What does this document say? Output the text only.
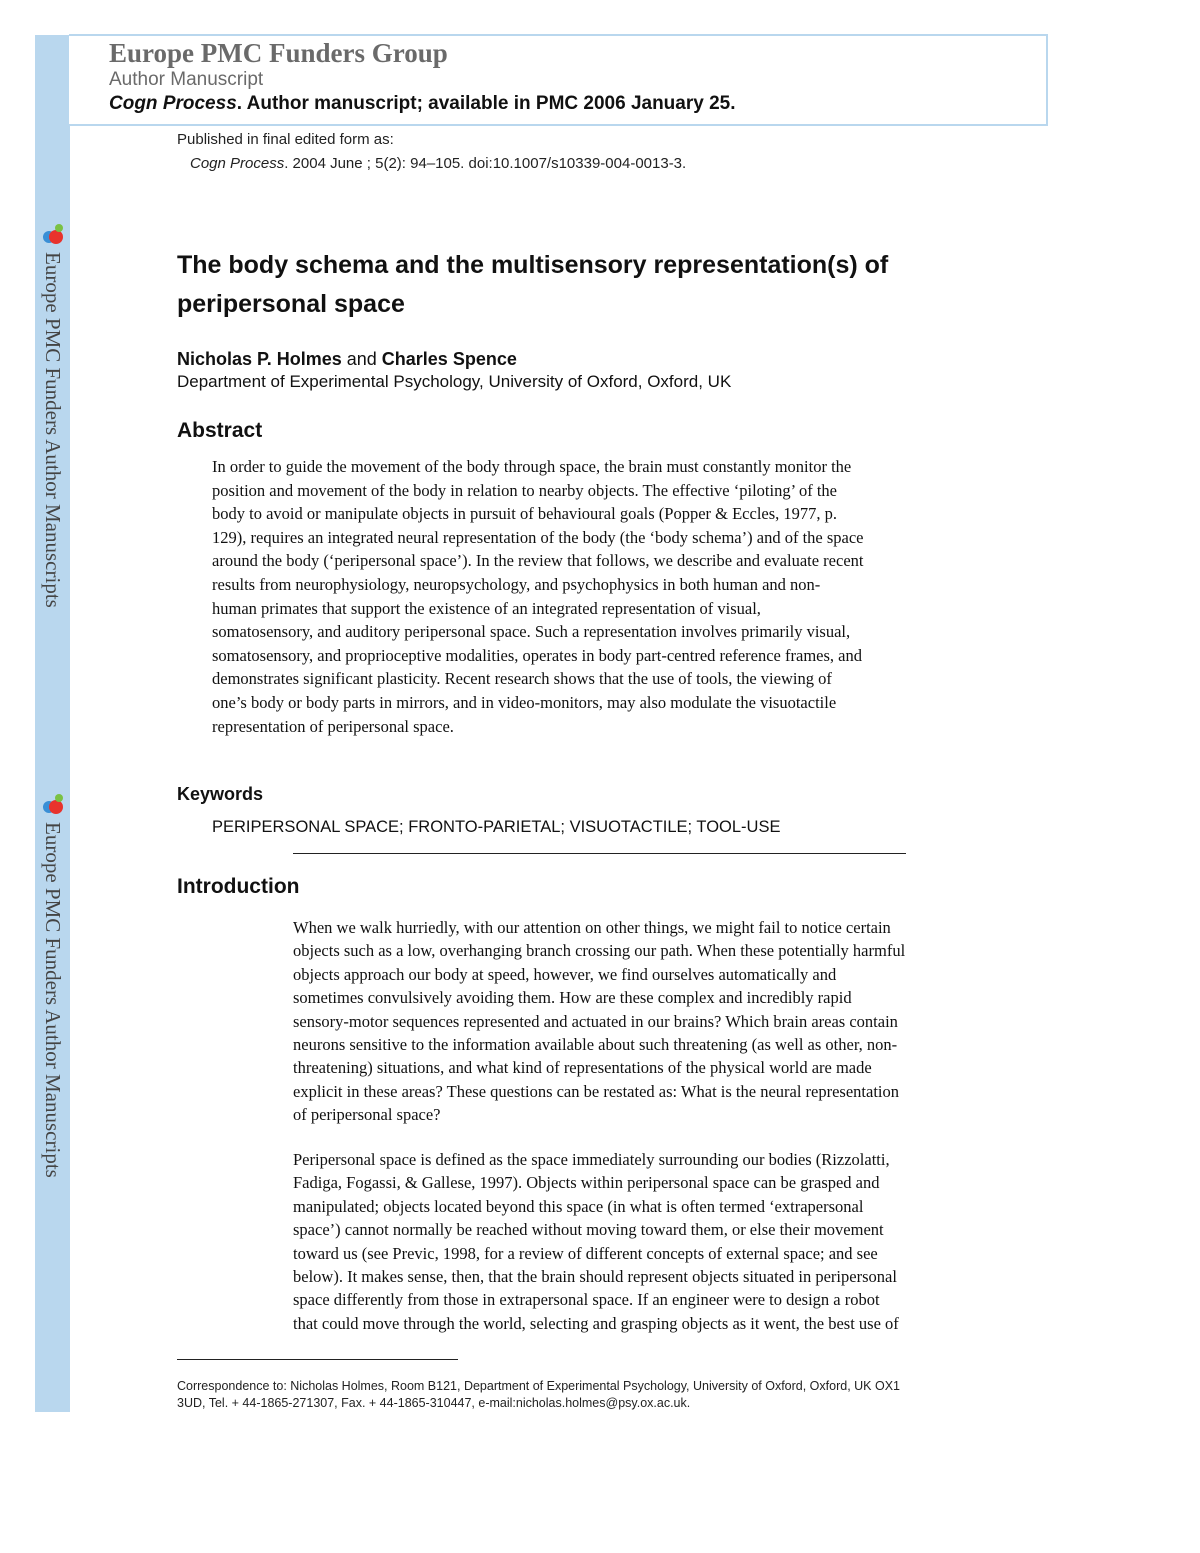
Europe PMC Funders Author Manuscripts
Europe PMC Funders Author Manuscripts
Europe PMC Funders Group
Author Manuscript
Cogn Process. Author manuscript; available in PMC 2006 January 25.
Published in final edited form as:
Cogn Process. 2004 June ; 5(2): 94–105. doi:10.1007/s10339-004-0013-3.
The body schema and the multisensory representation(s) of
peripersonal space
Nicholas P. Holmes and Charles Spence
Department of Experimental Psychology, University of Oxford, Oxford, UK
Abstract
In order to guide the movement of the body through space, the brain must constantly monitor the
position and movement of the body in relation to nearby objects. The effective ‘piloting’ of the
body to avoid or manipulate objects in pursuit of behavioural goals (Popper & Eccles, 1977, p.
129), requires an integrated neural representation of the body (the ‘body schema’) and of the space
around the body (‘peripersonal space’). In the review that follows, we describe and evaluate recent
results from neurophysiology, neuropsychology, and psychophysics in both human and non-
human primates that support the existence of an integrated representation of visual,
somatosensory, and auditory peripersonal space. Such a representation involves primarily visual,
somatosensory, and proprioceptive modalities, operates in body part-centred reference frames, and
demonstrates significant plasticity. Recent research shows that the use of tools, the viewing of
one’s body or body parts in mirrors, and in video-monitors, may also modulate the visuotactile
representation of peripersonal space.
Keywords
PERIPERSONAL SPACE; FRONTO-PARIETAL; VISUOTACTILE; TOOL-USE
Introduction
When we walk hurriedly, with our attention on other things, we might fail to notice certain
objects such as a low, overhanging branch crossing our path. When these potentially harmful
objects approach our body at speed, however, we find ourselves automatically and
sometimes convulsively avoiding them. How are these complex and incredibly rapid
sensory-motor sequences represented and actuated in our brains? Which brain areas contain
neurons sensitive to the information available about such threatening (as well as other, non-
threatening) situations, and what kind of representations of the physical world are made
explicit in these areas? These questions can be restated as: What is the neural representation
of peripersonal space?
Peripersonal space is defined as the space immediately surrounding our bodies (Rizzolatti,
Fadiga, Fogassi, & Gallese, 1997). Objects within peripersonal space can be grasped and
manipulated; objects located beyond this space (in what is often termed ‘extrapersonal
space’) cannot normally be reached without moving toward them, or else their movement
toward us (see Previc, 1998, for a review of different concepts of external space; and see
below). It makes sense, then, that the brain should represent objects situated in peripersonal
space differently from those in extrapersonal space. If an engineer were to design a robot
that could move through the world, selecting and grasping objects as it went, the best use of
Correspondence to: Nicholas Holmes, Room B121, Department of Experimental Psychology, University of Oxford, Oxford, UK OX1
3UD, Tel. + 44-1865-271307, Fax. + 44-1865-310447, e-mail:nicholas.holmes@psy.ox.ac.uk.
